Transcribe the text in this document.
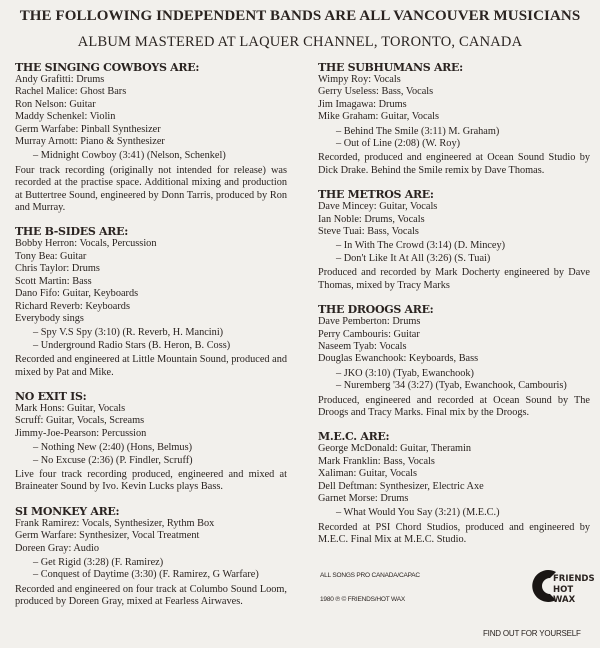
THE FOLLOWING INDEPENDENT BANDS ARE ALL VANCOUVER MUSICIANS
ALBUM MASTERED AT LAQUER CHANNEL, TORONTO, CANADA
THE SINGING COWBOYS ARE:
Andy Grafitti: Drums
Rachel Malice: Ghost Bars
Ron Nelson: Guitar
Maddy Schenkel: Violin
Germ Warfabe: Pinball Synthesizer
Murray Arnott: Piano & Synthesizer
– Midnight Cowboy (3:41) (Nelson, Schenkel)
Four track recording (originally not intended for release) was recorded at the practise space. Additional mixing and production at Buttertree Sound, engineered by Donn Tarris, produced by Ron and Murray.
THE B-SIDES ARE:
Bobby Herron: Vocals, Percussion
Tony Bea: Guitar
Chris Taylor: Drums
Scott Martin: Bass
Dano Fifo: Guitar, Keyboards
Richard Reverb: Keyboards
Everybody sings
– Spy V.S Spy (3:10) (R. Reverb, H. Mancini)
– Underground Radio Stars (B. Heron, B. Coss)
Recorded and engineered at Little Mountain Sound, produced and mixed by Pat and Mike.
NO EXIT IS:
Mark Hons: Guitar, Vocals
Scruff: Guitar, Vocals, Screams
Jimmy-Joe-Pearson: Percussion
– Nothing New (2:40) (Hons, Belmus)
– No Excuse (2:36) (P. Findler, Scruff)
Live four track recording produced, engineered and mixed at Braineater Sound by Ivo. Kevin Lucks plays Bass.
SI MONKEY ARE:
Frank Ramirez: Vocals, Synthesizer, Rythm Box
Germ Warfare: Synthesizer, Vocal Treatment
Doreen Gray: Audio
– Get Rigid (3:28) (F. Ramirez)
– Conquest of Daytime (3:30) (F. Ramirez, G Warfare)
Recorded and engineered on four track at Columbo Sound Loom, produced by Doreen Gray, mixed at Fearless Airwaves.
THE SUBHUMANS ARE:
Wimpy Roy: Vocals
Gerry Useless: Bass, Vocals
Jim Imagawa: Drums
Mike Graham: Guitar, Vocals
– Behind The Smile (3:11) M. Graham)
– Out of Line (2:08) (W. Roy)
Recorded, produced and engineered at Ocean Sound Studio by Dick Drake. Behind the Smile remix by Dave Thomas.
THE METROS ARE:
Dave Mincey: Guitar, Vocals
Ian Noble: Drums, Vocals
Steve Tuai: Bass, Vocals
– In With The Crowd (3:14) (D. Mincey)
– Don't Like It At All (3:26) (S. Tuai)
Produced and recorded by Mark Docherty engineered by Dave Thomas, mixed by Tracy Marks
THE DROOGS ARE:
Dave Pemberton: Drums
Perry Cambouris: Guitar
Naseem Tyab: Vocals
Douglas Ewanchook: Keyboards, Bass
– JKO (3:10) (Tyab, Ewanchook)
– Nuremberg '34 (3:27) (Tyab, Ewanchook, Cambouris)
Produced, engineered and recorded at Ocean Sound by The Droogs and Tracy Marks. Final mix by the Droogs.
M.E.C. ARE:
George McDonald: Guitar, Theramin
Mark Franklin: Bass, Vocals
Xaliman: Guitar, Vocals
Dell Deftman: Synthesizer, Electric Axe
Garnet Morse: Drums
– What Would You Say (3:21) (M.E.C.)
Recorded at PSI Chord Studios, produced and engineered by M.E.C. Final Mix at M.E.C. Studio.
ALL SONGS PRO CANADA/CAPAC
1980 ℗ © FRIENDS/HOT WAX
FRIENDS
HOT WAX
FIND OUT FOR YOURSELF
